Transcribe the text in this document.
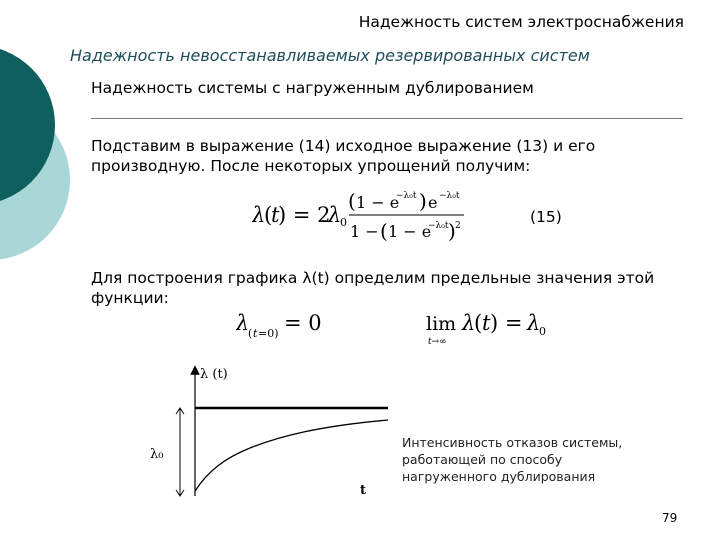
Надежность систем электроснабжения
Надежность невосстанавливаемых резервированных систем
Надежность системы с нагруженным дублированием
Подставим в выражение (14) исходное выражение (13) и его производную. После некоторых упрощений получим:
λ
(
t
) = 2
λ
0
( 1 − e
−λ₀t ) e −λ₀t
1 − ( 1 − e
−λ₀t ) 2	(15)
Для построения графика λ(t) определим предельные значения этой функции:
λ
( t =0) = 0	lim
t→∞
λ
( t ) = λ
0
λ (t)
λ₀
t
Интенсивность отказов системы,
работающей по способу
нагруженного дублирования
79
